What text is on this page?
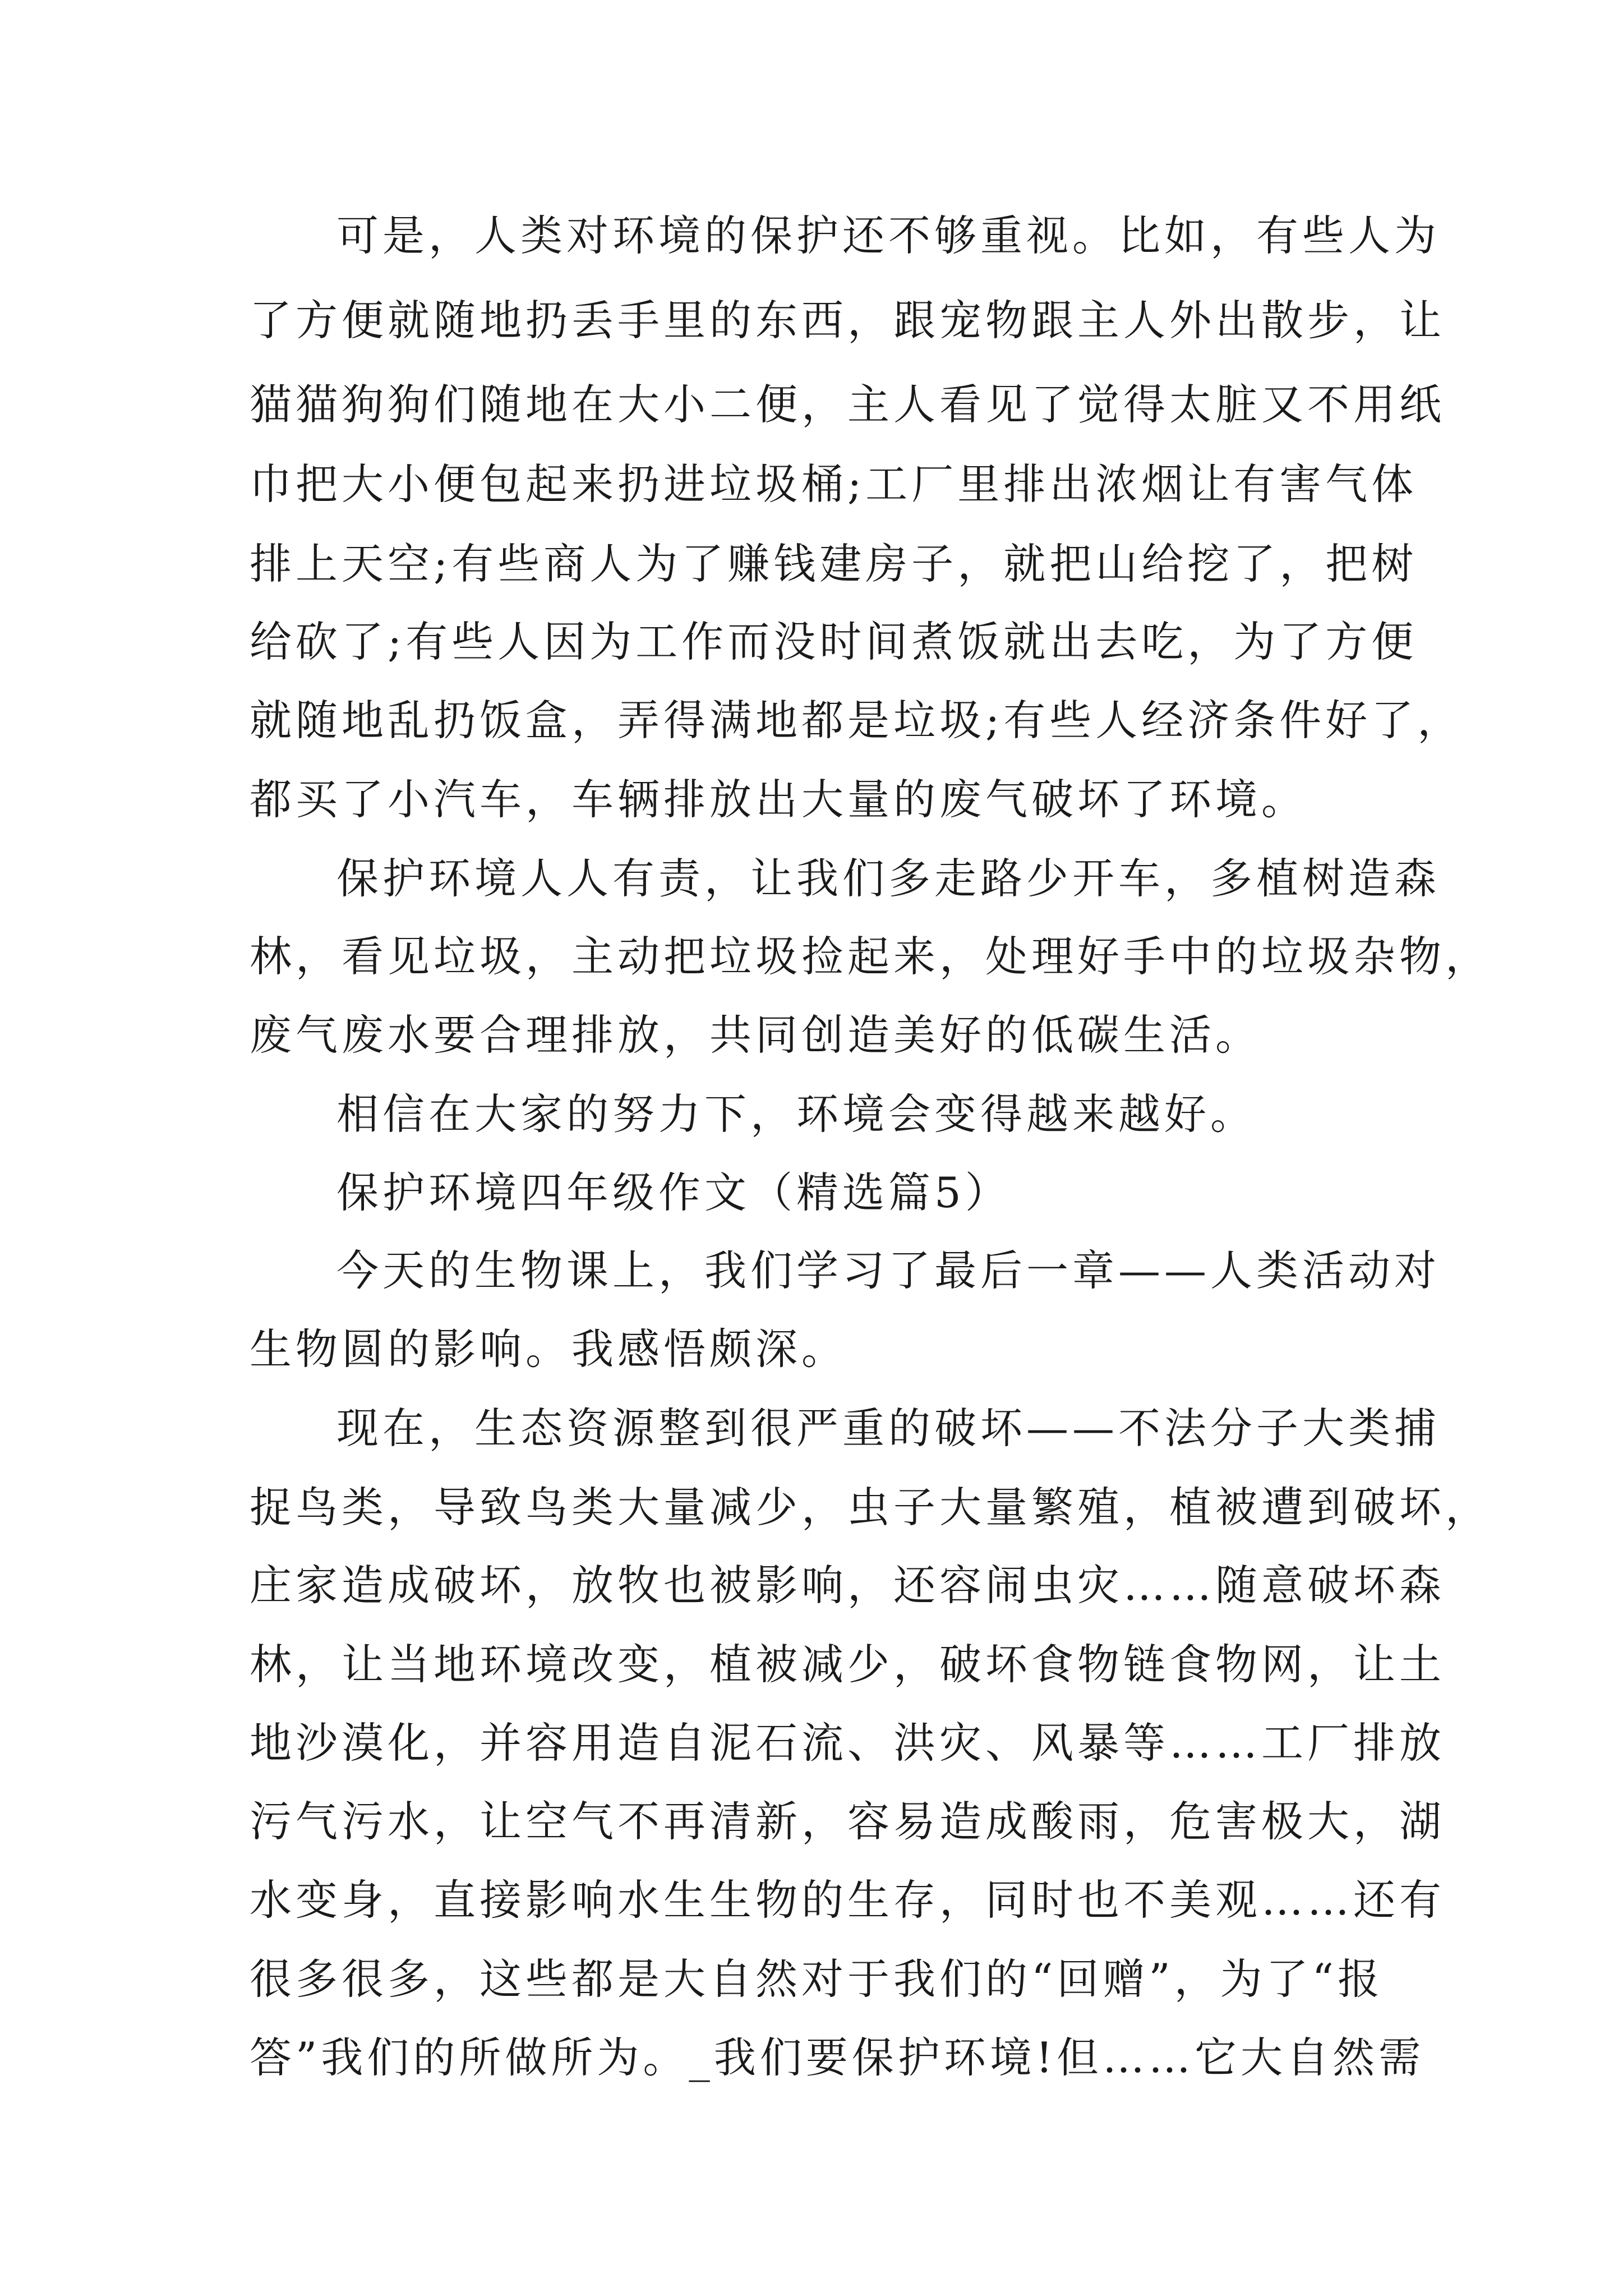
可是，人类对环境的保护还不够重视。比如，有些人为
了方便就随地扔丢手里的东西，跟宠物跟主人外出散步，让
猫猫狗狗们随地在大小二便，主人看见了觉得太脏又不用纸
巾把大小便包起来扔进垃圾桶;工厂里排出浓烟让有害气体
排上天空;有些商人为了赚钱建房子，就把山给挖了，把树
给砍了;有些人因为工作而没时间煮饭就出去吃，为了方便
就随地乱扔饭盒，弄得满地都是垃圾;有些人经济条件好了，
都买了小汽车，车辆排放出大量的废气破坏了环境。
保护环境人人有责，让我们多走路少开车，多植树造森
林，看见垃圾，主动把垃圾捡起来，处理好手中的垃圾杂物，
废气废水要合理排放，共同创造美好的低碳生活。
相信在大家的努力下，环境会变得越来越好。
保护环境四年级作文（精选篇5）
今天的生物课上，我们学习了最后一章——人类活动对
生物圆的影响。我感悟颇深。
现在，生态资源整到很严重的破坏——不法分子大类捕
捉鸟类，导致鸟类大量减少，虫子大量繁殖，植被遭到破坏，
庄家造成破坏，放牧也被影响，还容闹虫灾……随意破坏森
林，让当地环境改变，植被减少，破坏食物链食物网，让土
地沙漠化，并容用造自泥石流、洪灾、风暴等……工厂排放
污气污水，让空气不再清新，容易造成酸雨，危害极大，湖
水变身，直接影响水生生物的生存，同时也不美观……还有
很多很多，这些都是大自然对于我们的“回赠”，为了“报
答”我们的所做所为。_我们要保护环境!但……它大自然需
